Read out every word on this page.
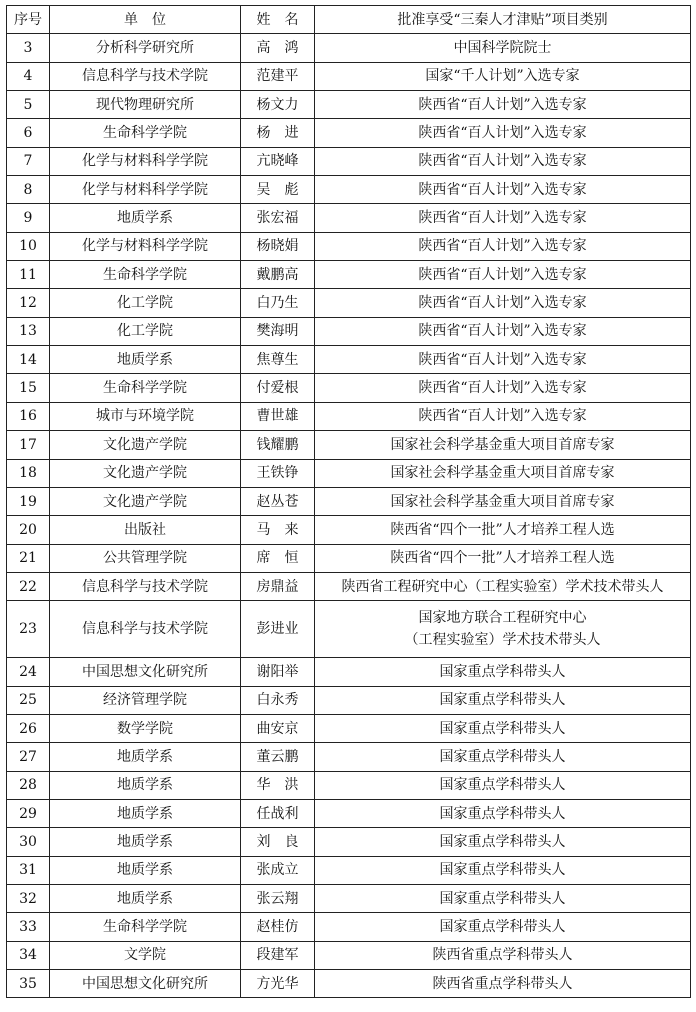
序号	单　位	姓　名	批准享受“三秦人才津贴”项目类别
3	分析科学研究所	高　鸿	中国科学院院士
4	信息科学与技术学院	范建平	国家“千人计划”入选专家
5	现代物理研究所	杨文力	陕西省“百人计划”入选专家
6	生命科学学院	杨　进	陕西省“百人计划”入选专家
7	化学与材料科学学院	亢晓峰	陕西省“百人计划”入选专家
8	化学与材料科学学院	吴　彪	陕西省“百人计划”入选专家
9	地质学系	张宏福	陕西省“百人计划”入选专家
10	化学与材料科学学院	杨晓娟	陕西省“百人计划”入选专家
11	生命科学学院	戴鹏高	陕西省“百人计划”入选专家
12	化工学院	白乃生	陕西省“百人计划”入选专家
13	化工学院	樊海明	陕西省“百人计划”入选专家
14	地质学系	焦尊生	陕西省“百人计划”入选专家
15	生命科学学院	付爱根	陕西省“百人计划”入选专家
16	城市与环境学院	曹世雄	陕西省“百人计划”入选专家
17	文化遗产学院	钱耀鹏	国家社会科学基金重大项目首席专家
18	文化遗产学院	王铁铮	国家社会科学基金重大项目首席专家
19	文化遗产学院	赵丛苍	国家社会科学基金重大项目首席专家
20	出版社	马　来	陕西省“四个一批”人才培养工程人选
21	公共管理学院	席　恒	陕西省“四个一批”人才培养工程人选
22	信息科学与技术学院	房鼎益	陕西省工程研究中心（工程实验室）学术技术带头人
23	信息科学与技术学院	彭进业	国家地方联合工程研究中心
（工程实验室）学术技术带头人

24	中国思想文化研究所	谢阳举	国家重点学科带头人
25	经济管理学院	白永秀	国家重点学科带头人
26	数学学院	曲安京	国家重点学科带头人
27	地质学系	董云鹏	国家重点学科带头人
28	地质学系	华　洪	国家重点学科带头人
29	地质学系	任战利	国家重点学科带头人
30	地质学系	刘　良	国家重点学科带头人
31	地质学系	张成立	国家重点学科带头人
32	地质学系	张云翔	国家重点学科带头人
33	生命科学学院	赵桂仿	国家重点学科带头人
34	文学院	段建军	陕西省重点学科带头人
35	中国思想文化研究所	方光华	陕西省重点学科带头人
